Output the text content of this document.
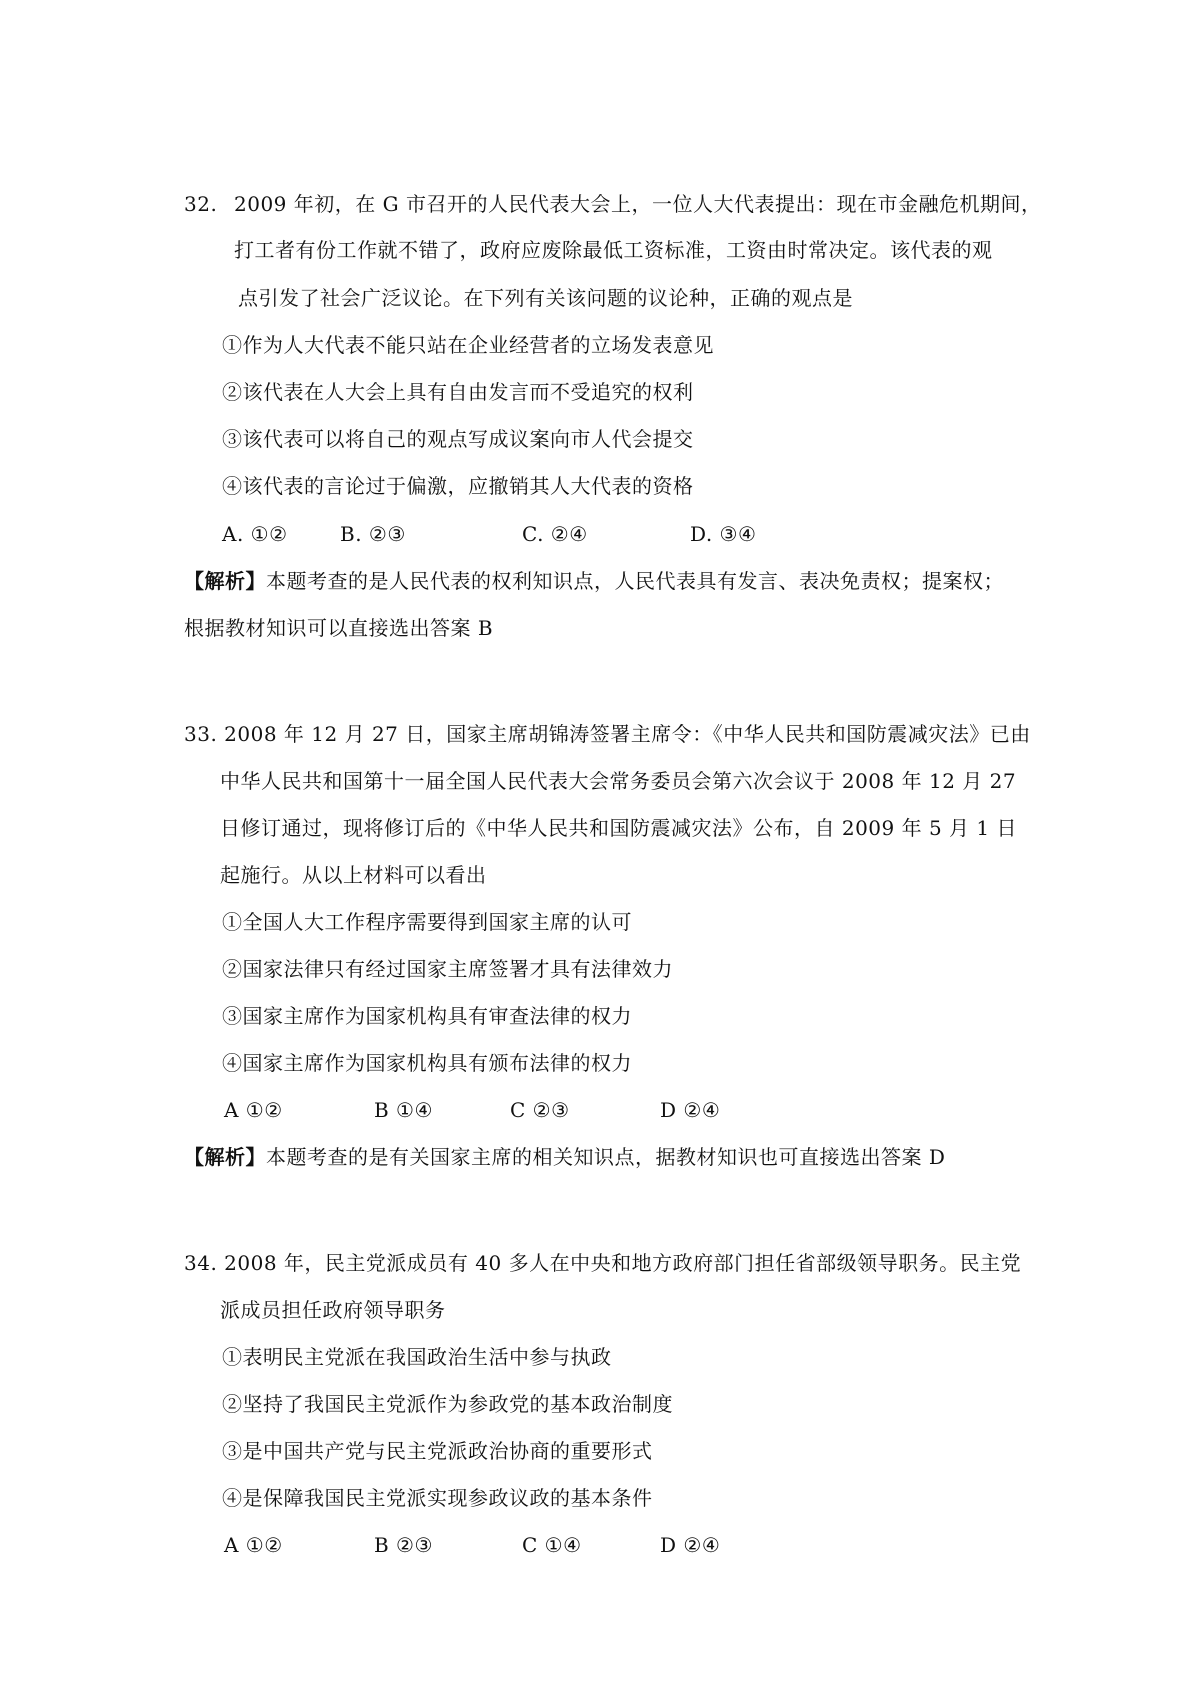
32. 2009 年初，在 G 市召开的人民代表大会上，一位人大代表提出：现在市金融危机期间，
打工者有份工作就不错了，政府应废除最低工资标准，工资由时常决定。该代表的观
点引发了社会广泛议论。在下列有关该问题的议论种，正确的观点是
①作为人大代表不能只站在企业经营者的立场发表意见
②该代表在人大会上具有自由发言而不受追究的权利
③该代表可以将自己的观点写成议案向市人代会提交
④该代表的言论过于偏激，应撤销其人大代表的资格
A. ①②	B. ②③	C. ②④	D. ③④
【解析】本题考查的是人民代表的权利知识点，人民代表具有发言、表决免责权；提案权；
根据教材知识可以直接选出答案 B
33. 2008 年 12 月 27 日，国家主席胡锦涛签署主席令：《中华人民共和国防震减灾法》已由
中华人民共和国第十一届全国人民代表大会常务委员会第六次会议于 2008 年 12 月 27
日修订通过，现将修订后的《中华人民共和国防震减灾法》公布，自 2009 年 5 月 1 日
起施行。从以上材料可以看出
①全国人大工作程序需要得到国家主席的认可
②国家法律只有经过国家主席签署才具有法律效力
③国家主席作为国家机构具有审查法律的权力
④国家主席作为国家机构具有颁布法律的权力
A ①②	B ①④	C ②③	D ②④
【解析】本题考查的是有关国家主席的相关知识点，据教材知识也可直接选出答案 D
34. 2008 年，民主党派成员有 40 多人在中央和地方政府部门担任省部级领导职务。民主党
派成员担任政府领导职务
①表明民主党派在我国政治生活中参与执政
②坚持了我国民主党派作为参政党的基本政治制度
③是中国共产党与民主党派政治协商的重要形式
④是保障我国民主党派实现参政议政的基本条件
A ①②	B ②③	C ①④	D ②④
